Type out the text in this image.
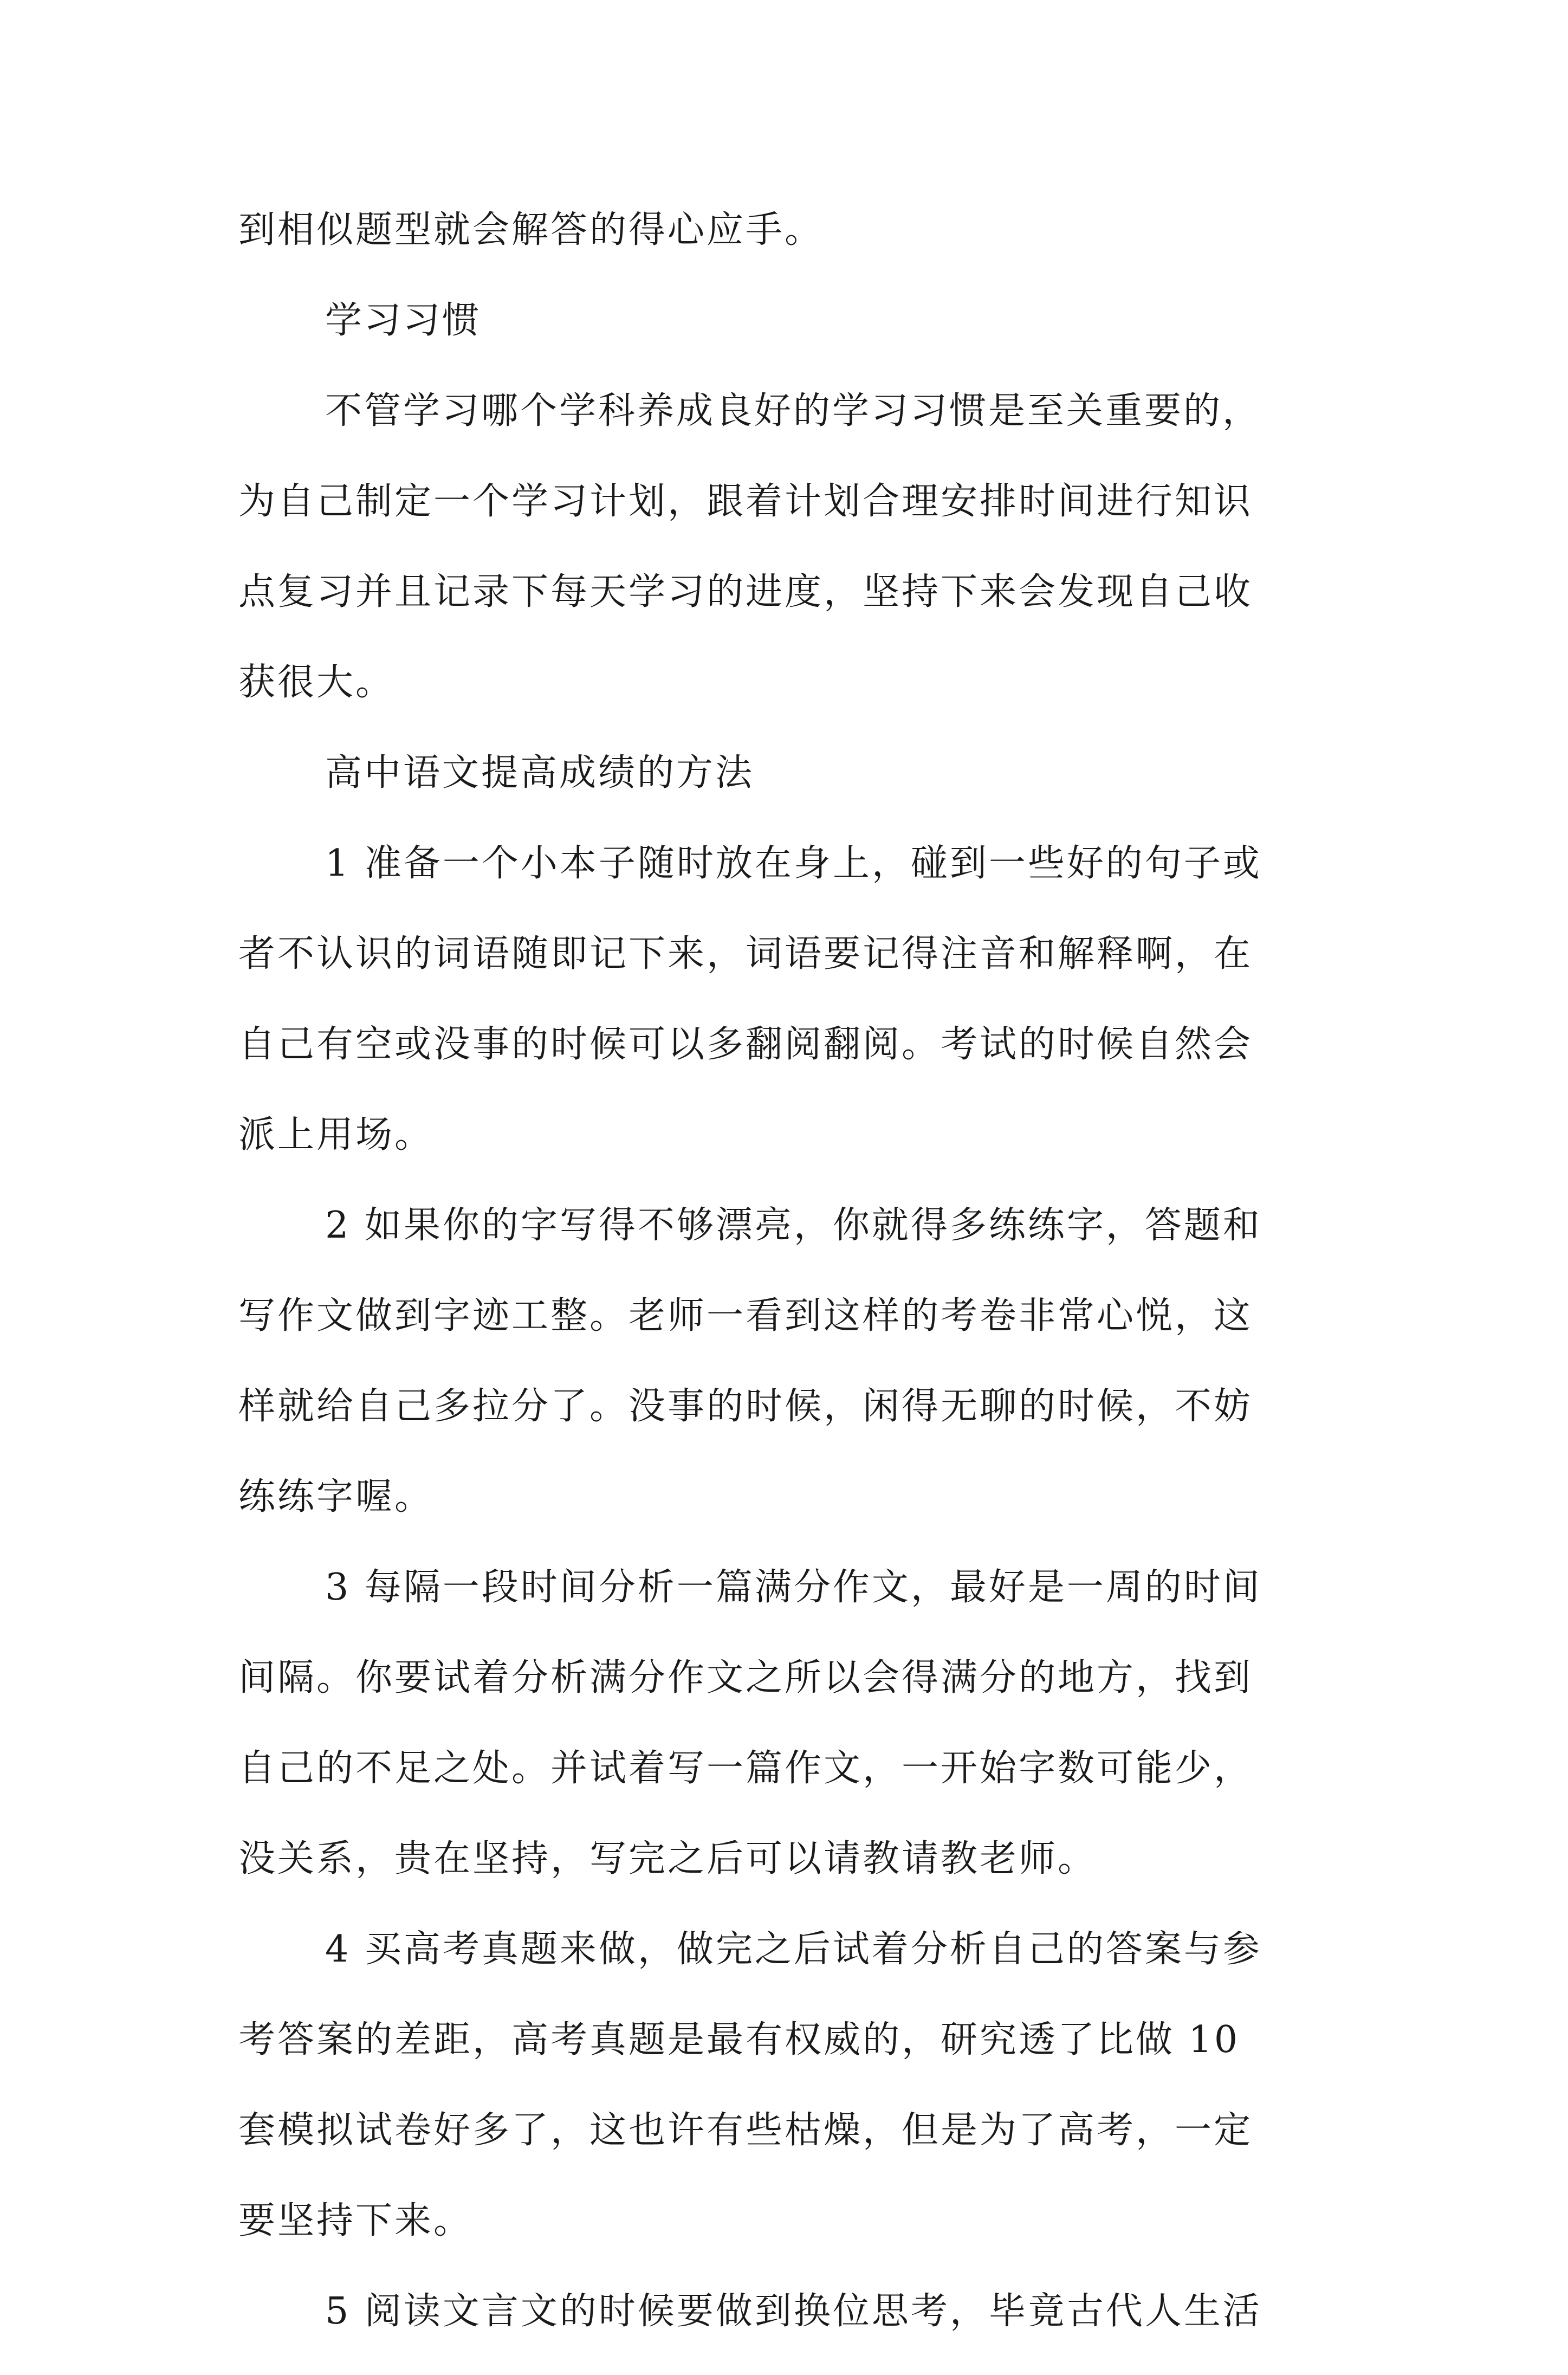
到相似题型就会解答的得心应手。
学习习惯
不管学习哪个学科养成良好的学习习惯是至关重要的，
为自己制定一个学习计划，跟着计划合理安排时间进行知识
点复习并且记录下每天学习的进度，坚持下来会发现自己收
获很大。
高中语文提高成绩的方法
1 准备一个小本子随时放在身上，碰到一些好的句子或
者不认识的词语随即记下来，词语要记得注音和解释啊，在
自己有空或没事的时候可以多翻阅翻阅。考试的时候自然会
派上用场。
2 如果你的字写得不够漂亮，你就得多练练字，答题和
写作文做到字迹工整。老师一看到这样的考卷非常心悦，这
样就给自己多拉分了。没事的时候，闲得无聊的时候，不妨
练练字喔。
3 每隔一段时间分析一篇满分作文，最好是一周的时间
间隔。你要试着分析满分作文之所以会得满分的地方，找到
自己的不足之处。并试着写一篇作文，一开始字数可能少，
没关系，贵在坚持，写完之后可以请教请教老师。
4 买高考真题来做，做完之后试着分析自己的答案与参
考答案的差距，高考真题是最有权威的，研究透了比做 10
套模拟试卷好多了，这也许有些枯燥，但是为了高考，一定
要坚持下来。
5 阅读文言文的时候要做到换位思考，毕竟古代人生活
